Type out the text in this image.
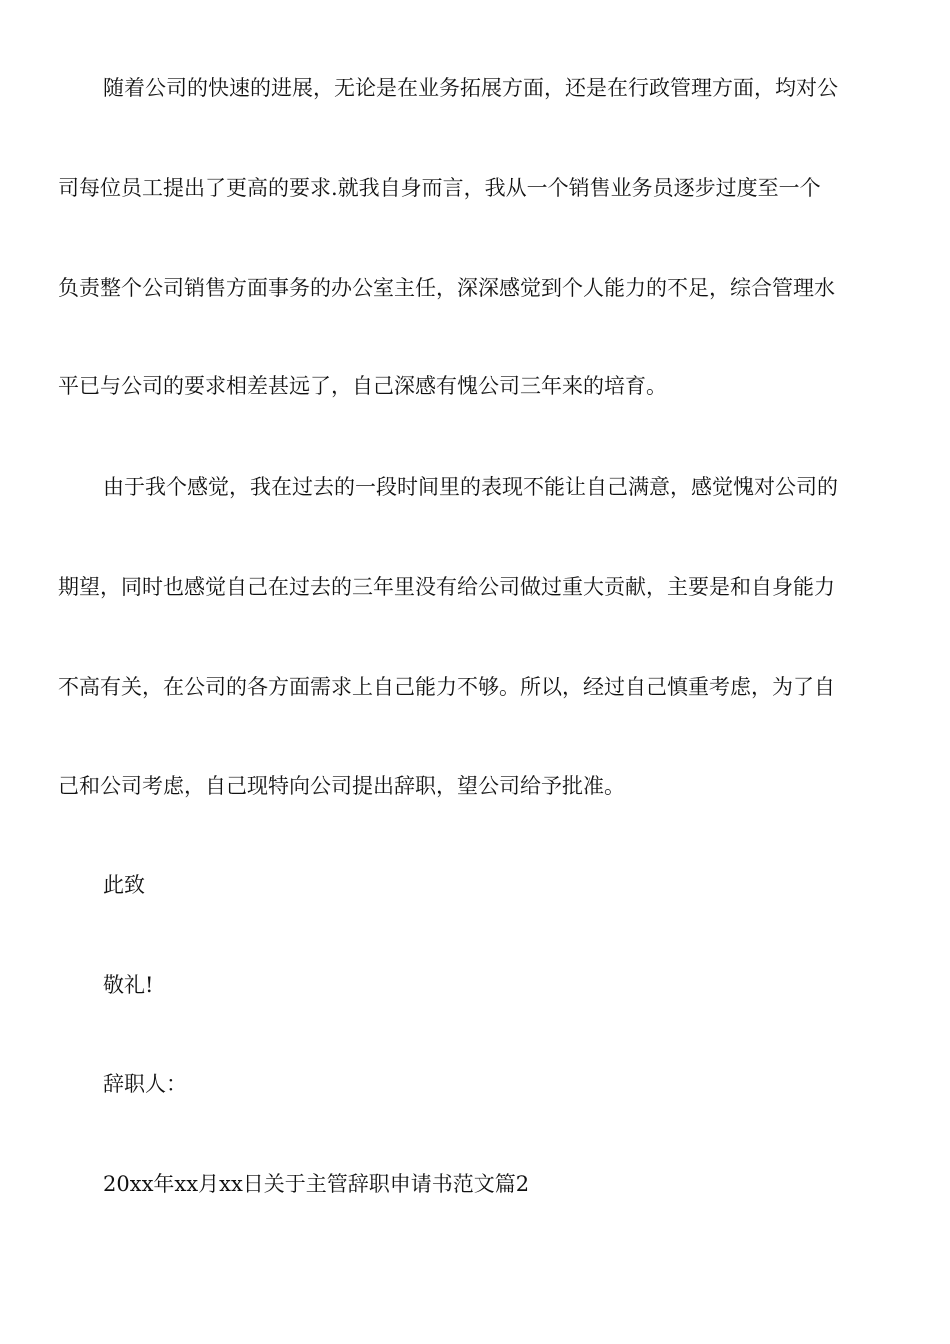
随着公司的快速的进展，无论是在业务拓展方面，还是在行政管理方面，均对公
司每位员工提出了更高的要求.就我自身而言，我从一个销售业务员逐步过度至一个
负责整个公司销售方面事务的办公室主任，深深感觉到个人能力的不足，综合管理水
平已与公司的要求相差甚远了，自己深感有愧公司三年来的培育。
由于我个感觉，我在过去的一段时间里的表现不能让自己满意，感觉愧对公司的
期望，同时也感觉自己在过去的三年里没有给公司做过重大贡献，主要是和自身能力
不高有关，在公司的各方面需求上自己能力不够。所以，经过自己慎重考虑，为了自
己和公司考虑，自己现特向公司提出辞职，望公司给予批准。
此致
敬礼!
辞职人：
20xx年xx月xx日关于主管辞职申请书范文篇2
